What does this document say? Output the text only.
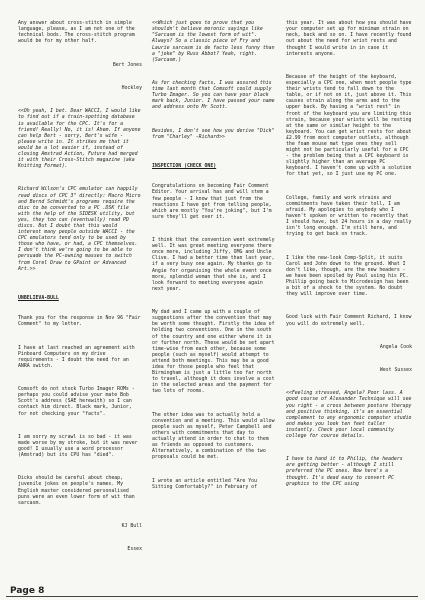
Any answer about cross-stitch in simple language, please, as I am not one of the technical bods. The cross-stitch program would be for my other half.

Bert Jones

Hockley

<<Oh yeah, I bet. Dear WACCI, I would like to find out if a train-spotting database is available for the CPC. It's for a friend! Really! No, it is! Ahem. If anyone can help Bert - sorry, Bert's wife - please write in. It strikes me that it would be a lot easier if, instead of closing Amstrad Action, Future had merged it with their Cross-Stitch magazine (aka Knitting Format).

Richard Wilson's CPC emulator can happily read discs of CPC 3" directly: Macro Micro and Bernd Schmidt's programs require the disc to be converted to a PC .DSK file with the help of the SIDESK utility, but yes, they too can (eventually) read PD discs. But I doubt that this would interest many people outside WACCI - the CPC emulators tend only to be used by those who have, or had, a CPC themselves. I don't think we're going to be able to persuade the PC-owning masses to switch from Corel Draw to GPaint or Advanced Art.>>

UNBELIEVA-BULL

Thank you for the response in Nov 96 "Fair Comment" to my letter.

I have at last reached an agreement with Pinboard Computers on my drive requirements - I doubt the need for an ANRA switch.

Comsoft do not stock Turbo Imager ROMs - perhaps you could advise your mate Bob Scott's address (SAE herewith) so I can contact him direct. Black mark, Junior, for not checking your "facts".

I am sorry my scrawl is so bad - it was made worse by my stroke, but it was never good! I usually use a word processor (Amstrad) but its CPU has "died".

Dicks should be careful about cheap, juvenile jokes on people's names. My English master considered personalised puns were an even lower form of wit than sarcasm.

KJ Bull

Essex

<<Which just goes to prove that you shouldn't believe moronic sayings like "Sarcasm is the lowest form of wit". Always? So a classic piece of Fry and Laurie sarcasm is de facto less funny than a "joke" by Russ Abbot? Yeah, right. (Sarcasm.)

As for checking facts, I was assured this time last month that Comsoft could supply Turbo Imager. So you can have your black mark back, Junior. I have passed your name and address onto Mr Scott.

Besides, I don't see how you derive "Dick" from "Charley" -Richard>>

INSPECTION (CHECK ONE)

Congratulations on becoming Fair Comment Editor. Your arrival has and will stem a few people - I know that just from the reactions I have got from telling people, which are mostly "You're joking", but I'm sure they'll get over it.

I think that the convention went extremely well. It was great meeting everyone there once more, including Jiffy, OMG and Uncle Clive. I had a better time than last year, if a very busy one again. My thanks go to Angie for organising the whole event once more, splendid woman that she is, and I look forward to meeting everyone again next year.

My dad and I came up with a couple of suggestions after the convention that may be worth some thought. Firstly the idea of holding two conventions. One in the south of the country and one either where it is or further north. These would be set apart time-wise from each other, because some people (such as myself) would attempt to attend both meetings. This may be a good idea for those people who feel that Birmingham is just a little too far north to travel, although it does involve a cost in the selected areas and the payment for two lots of rooms.

The other idea was to actually hold a convention and a meeting. This would allow people such as myself, Peter Campbell and others with commitments that day to actually attend in order to chat to them as friends as opposed to customers. Alternatively, a combination of the two proposals could be met.

I wrote an article entitled "Are You Sitting Comfortably?" in February of

this year. It was about how you should have your computer set up for minimum strain on neck, back and so on. I have recently found out about the need for wrist rests and thought I would write in in case it interests anyone.

Because of the height of the keyboard, especially a CPC one, when most people type their wrists tend to fall down to the table, or if not on it, just above it. This causes strain along the arms and to the upper back. By having a "wrist rest" in front of the keyboard you are limiting this strain, because your wrists will be resting at the same or similar height to the keyboard. You can get wrist rests for about £2.99 from most computer outlets, although the foam mouse mat type ones they sell might not be particularly useful for a CPC - the problem being that a CPC keyboard is slightly higher than an average PC keyboard. I haven't come up with a solution for that yet, so I just use my PC one.

College, family and work strains and commitments have taken their toll, I am afraid. My apologies to anybody who I haven't spoken or written to recently that I should have, but 24 hours in a day really isn't long enough. I'm still here, and trying to get back on track.

I like the new-look Comp-Split, it suits Carol and John down to the ground. What I don't like, though, are the new headers - we have been spoiled by Paul using his PC. Phillip going back to Microdesign has been a bit of a shock to the system. No doubt they will improve over time.

Good luck with Fair Comment Richard, I know you will do extremely well.

Angela Cook

West Sussex

<<Feeling stressed, Angela? Poor lass. A good course of Alexander Technique will see you right - a cross between posture therapy and positive thinking, it's an essential complement to any ergonomic computer studio and makes you look ten feet taller instantly. Check your local community college for course details.

I have to hand it to Philip, the headers are getting better - although I still preferred the PC ones. Now here's a thought. It's dead easy to convert PC graphics to the CPC using

Page 8
